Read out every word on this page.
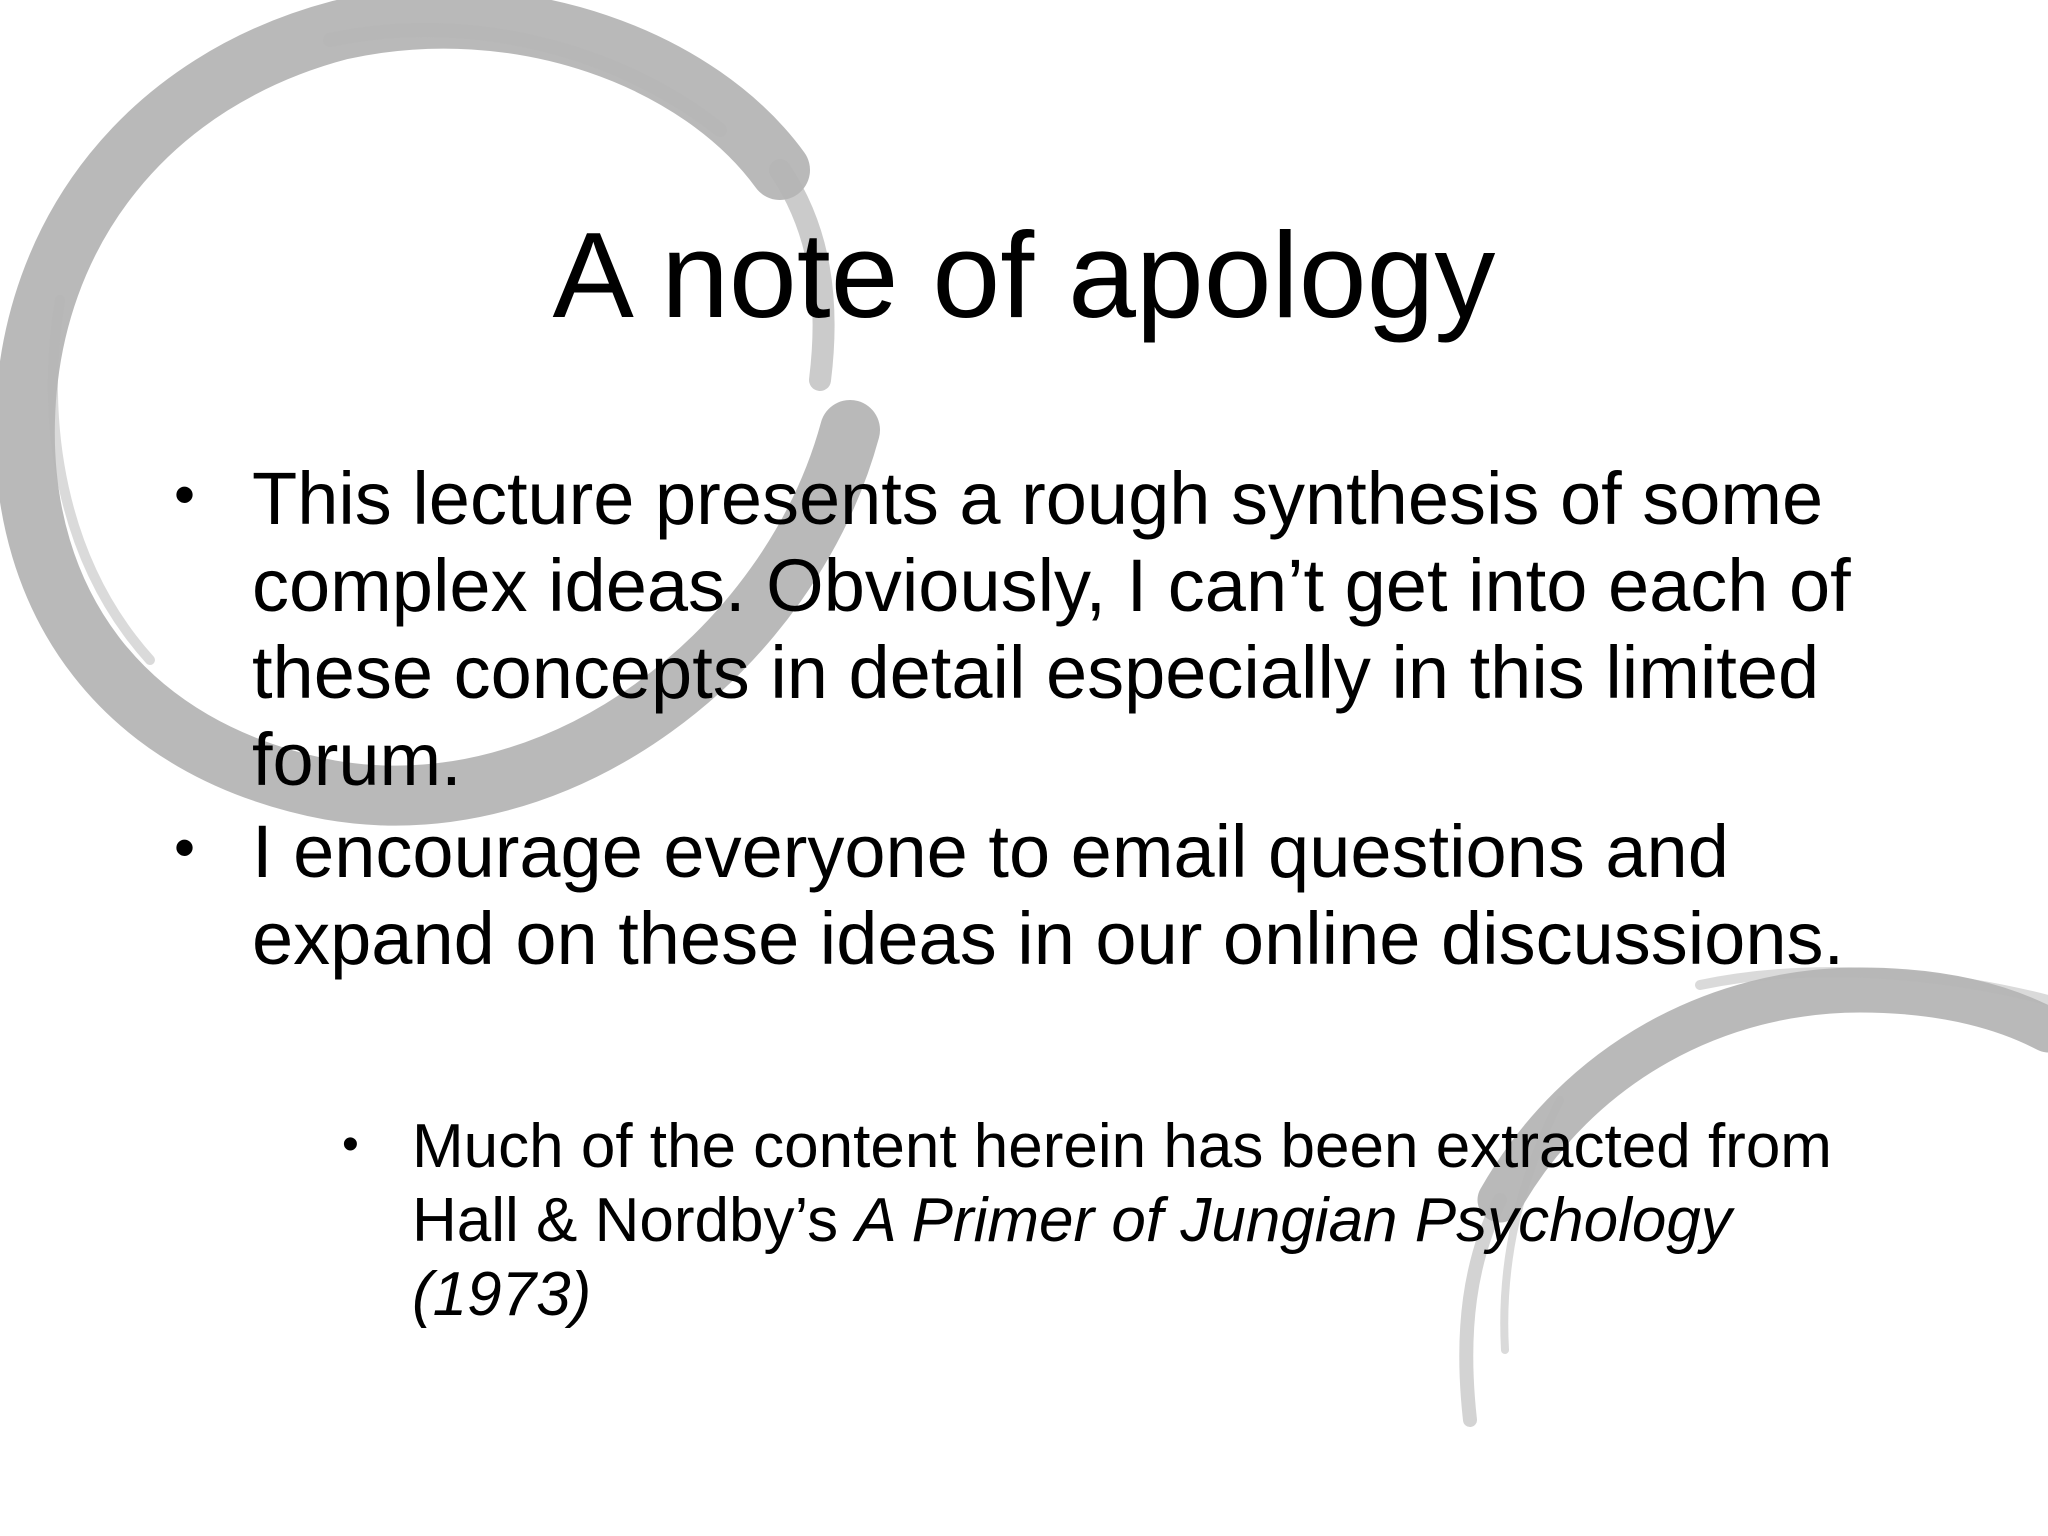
A note of apology
• This lecture presents a rough synthesis of some complex ideas. Obviously, I can’t get into each of these concepts in detail especially in this limited forum.
• I encourage everyone to email questions and expand on these ideas in our online discussions.
• Much of the content herein has been extracted from Hall & Nordby’s A Primer of Jungian Psychology (1973)
